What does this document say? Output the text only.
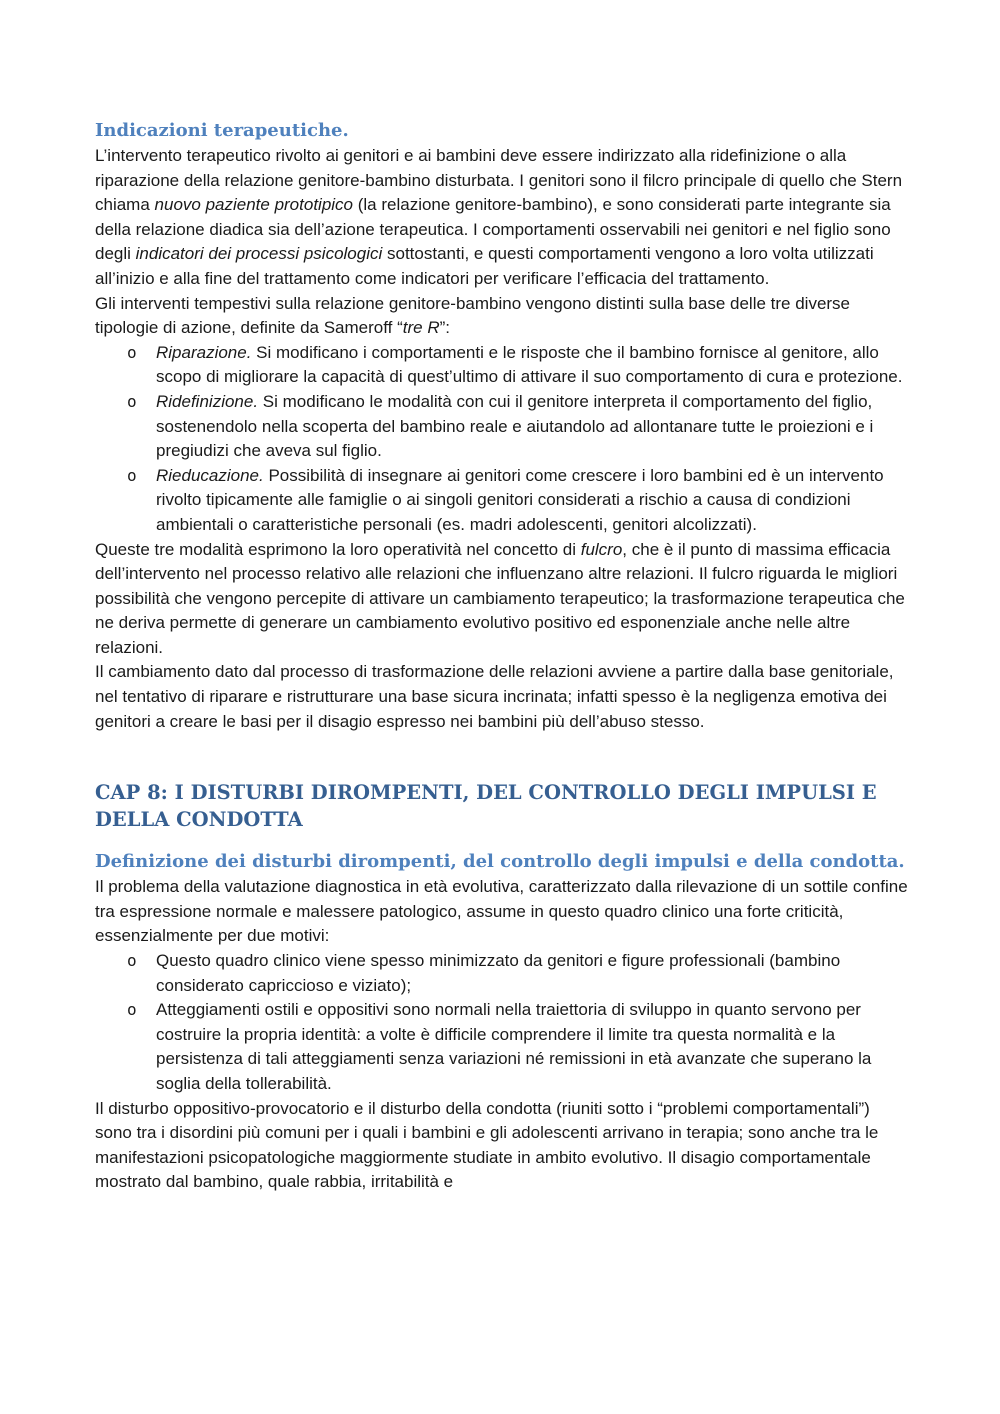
Indicazioni terapeutiche.

L’intervento terapeutico rivolto ai genitori e ai bambini deve essere indirizzato alla ridefinizione o alla riparazione della relazione genitore-bambino disturbata. I genitori sono il filcro principale di quello che Stern chiama nuovo paziente prototipico (la relazione genitore-bambino), e sono considerati parte integrante sia della relazione diadica sia dell’azione terapeutica. I comportamenti osservabili nei genitori e nel figlio sono degli indicatori dei processi psicologici sottostanti, e questi comportamenti vengono a loro volta utilizzati all’inizio e alla fine del trattamento come indicatori per verificare l’efficacia del trattamento.

Gli interventi tempestivi sulla relazione genitore-bambino vengono distinti sulla base delle tre diverse tipologie di azione, definite da Sameroff “tre R”:

o Riparazione. Si modificano i comportamenti e le risposte che il bambino fornisce al genitore, allo scopo di migliorare la capacità di quest’ultimo di attivare il suo comportamento di cura e protezione.
o Ridefinizione. Si modificano le modalità con cui il genitore interpreta il comportamento del figlio, sostenendolo nella scoperta del bambino reale e aiutandolo ad allontanare tutte le proiezioni e i pregiudizi che aveva sul figlio.
o Rieducazione. Possibilità di insegnare ai genitori come crescere i loro bambini ed è un intervento rivolto tipicamente alle famiglie o ai singoli genitori considerati a rischio a causa di condizioni ambientali o caratteristiche personali (es. madri adolescenti, genitori alcolizzati).

Queste tre modalità esprimono la loro operatività nel concetto di fulcro, che è il punto di massima efficacia dell’intervento nel processo relativo alle relazioni che influenzano altre relazioni. Il fulcro riguarda le migliori possibilità che vengono percepite di attivare un cambiamento terapeutico; la trasformazione terapeutica che ne deriva permette di generare un cambiamento evolutivo positivo ed esponenziale anche nelle altre relazioni.

Il cambiamento dato dal processo di trasformazione delle relazioni avviene a partire dalla base genitoriale, nel tentativo di riparare e ristrutturare una base sicura incrinata; infatti spesso è la negligenza emotiva dei genitori a creare le basi per il disagio espresso nei bambini più dell’abuso stesso.

CAP 8: I DISTURBI DIROMPENTI, DEL CONTROLLO DEGLI IMPULSI E DELLA CONDOTTA
Definizione dei disturbi dirompenti, del controllo degli impulsi e della condotta.

Il problema della valutazione diagnostica in età evolutiva, caratterizzato dalla rilevazione di un sottile confine tra espressione normale e malessere patologico, assume in questo quadro clinico una forte criticità, essenzialmente per due motivi:

o Questo quadro clinico viene spesso minimizzato da genitori e figure professionali (bambino considerato capriccioso e viziato);
o Atteggiamenti ostili e oppositivi sono normali nella traiettoria di sviluppo in quanto servono per costruire la propria identità: a volte è difficile comprendere il limite tra questa normalità e la persistenza di tali atteggiamenti senza variazioni né remissioni in età avanzate che superano la soglia della tollerabilità.

Il disturbo oppositivo-provocatorio e il disturbo della condotta (riuniti sotto i “problemi comportamentali”) sono tra i disordini più comuni per i quali i bambini e gli adolescenti arrivano in terapia; sono anche tra le manifestazioni psicopatologiche maggiormente studiate in ambito evolutivo. Il disagio comportamentale mostrato dal bambino, quale rabbia, irritabilità e
